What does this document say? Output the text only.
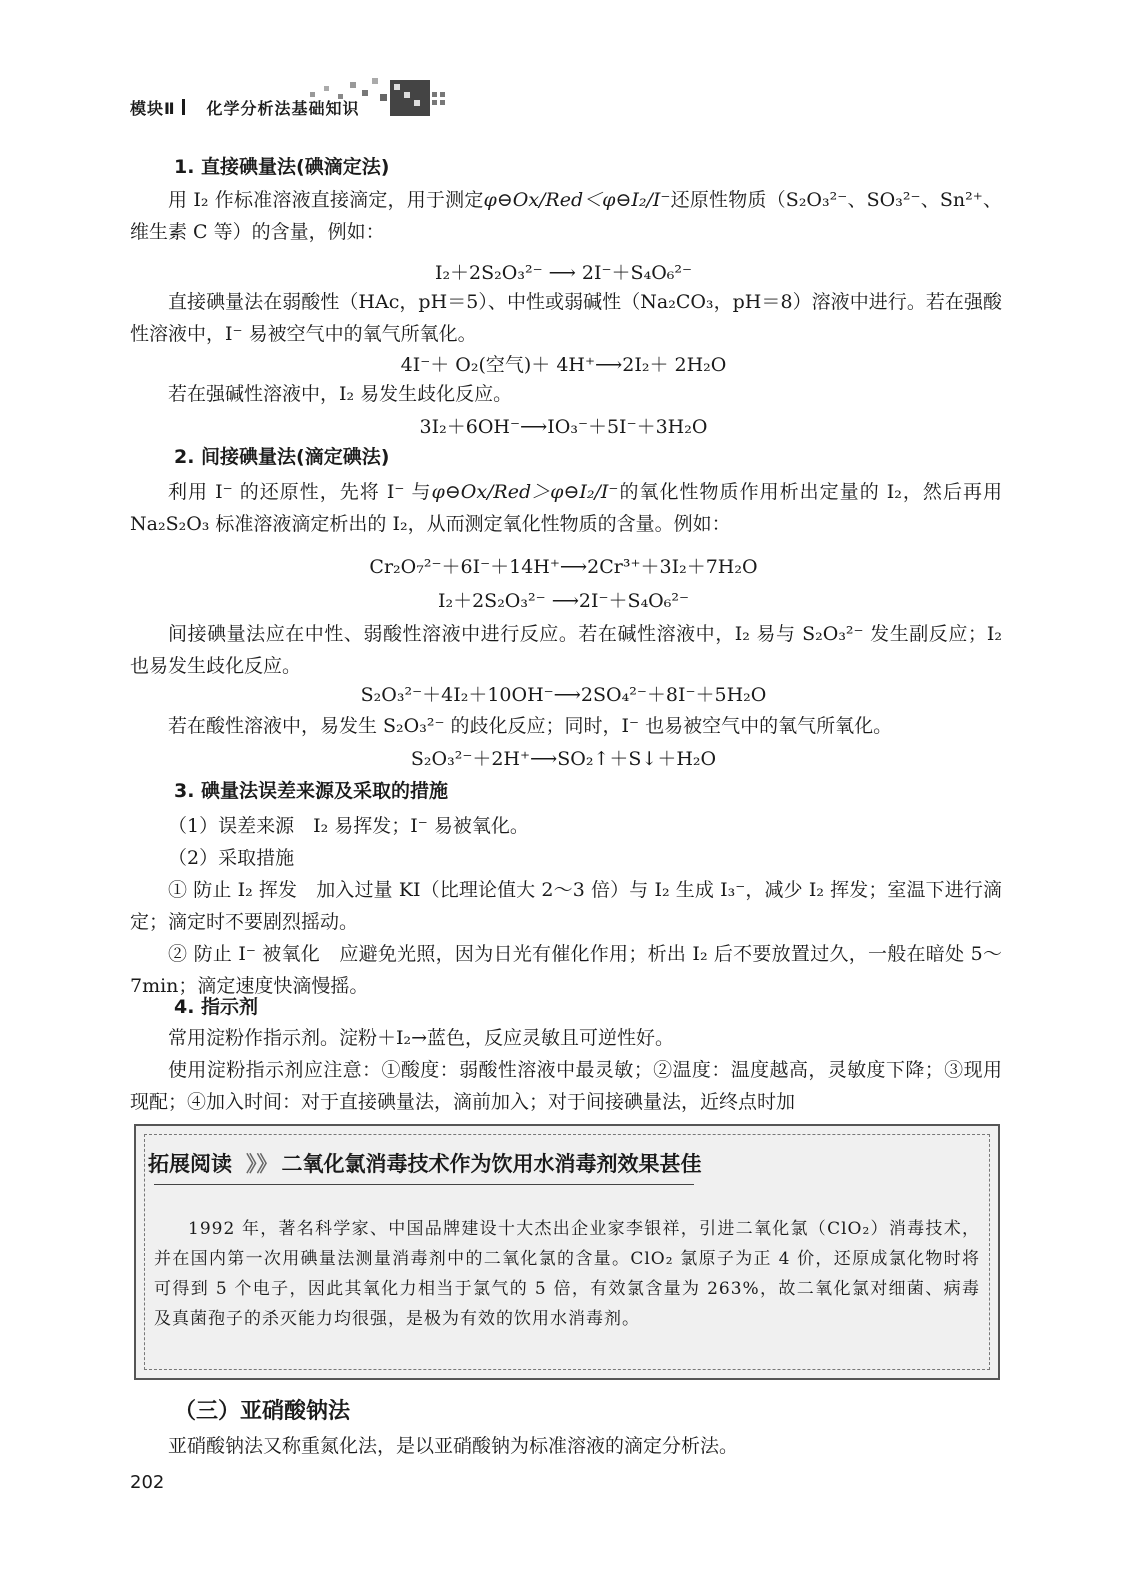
模块Ⅱ 化学分析法基础知识
1. 直接碘量法(碘滴定法)

用 I₂ 作标准溶液直接滴定，用于测定φ⊖Ox/Red＜φ⊖I₂/I⁻还原性物质（S₂O₃²⁻、SO₃²⁻、Sn²⁺、维生素 C 等）的含量，例如：

I₂＋2S₂O₃²⁻ ⟶ 2I⁻＋S₄O₆²⁻

直接碘量法在弱酸性（HAc，pH＝5）、中性或弱碱性（Na₂CO₃，pH＝8）溶液中进行。若在强酸性溶液中，I⁻ 易被空气中的氧气所氧化。

4I⁻＋ O₂(空气)＋ 4H⁺⟶2I₂＋ 2H₂O

若在强碱性溶液中，I₂ 易发生歧化反应。

3I₂＋6OH⁻⟶IO₃⁻＋5I⁻＋3H₂O
2. 间接碘量法(滴定碘法)

利用 I⁻ 的还原性，先将 I⁻ 与φ⊖Ox/Red＞φ⊖I₂/I⁻的氧化性物质作用析出定量的 I₂，然后再用 Na₂S₂O₃ 标准溶液滴定析出的 I₂，从而测定氧化性物质的含量。例如：

Cr₂O₇²⁻＋6I⁻＋14H⁺⟶2Cr³⁺＋3I₂＋7H₂O
I₂＋2S₂O₃²⁻ ⟶2I⁻＋S₄O₆²⁻

间接碘量法应在中性、弱酸性溶液中进行反应。若在碱性溶液中，I₂ 易与 S₂O₃²⁻ 发生副反应；I₂ 也易发生歧化反应。

S₂O₃²⁻＋4I₂＋10OH⁻⟶2SO₄²⁻＋8I⁻＋5H₂O

若在酸性溶液中，易发生 S₂O₃²⁻ 的歧化反应；同时，I⁻ 也易被空气中的氧气所氧化。

S₂O₃²⁻＋2H⁺⟶SO₂↑＋S↓＋H₂O
3. 碘量法误差来源及采取的措施

（1）误差来源　I₂ 易挥发；I⁻ 易被氧化。

（2）采取措施

① 防止 I₂ 挥发　加入过量 KI（比理论值大 2～3 倍）与 I₂ 生成 I₃⁻，减少 I₂ 挥发；室温下进行滴定；滴定时不要剧烈摇动。

② 防止 I⁻ 被氧化　应避免光照，因为日光有催化作用；析出 I₂ 后不要放置过久，一般在暗处 5～7min；滴定速度快滴慢摇。

4. 指示剂

常用淀粉作指示剂。淀粉＋I₂→蓝色，反应灵敏且可逆性好。

使用淀粉指示剂应注意：①酸度：弱酸性溶液中最灵敏；②温度：温度越高，灵敏度下降；③现用现配；④加入时间：对于直接碘量法，滴前加入；对于间接碘量法，近终点时加

拓展阅读 》》 二氧化氯消毒技术作为饮用水消毒剂效果甚佳

1992 年，著名科学家、中国品牌建设十大杰出企业家李银祥，引进二氧化氯（ClO₂）消毒技术，并在国内第一次用碘量法测量消毒剂中的二氧化氯的含量。ClO₂ 氯原子为正 4 价，还原成氯化物时将可得到 5 个电子，因此其氧化力相当于氯气的 5 倍，有效氯含量为 263%，故二氧化氯对细菌、病毒及真菌孢子的杀灭能力均很强，是极为有效的饮用水消毒剂。

（三）亚硝酸钠法

亚硝酸钠法又称重氮化法，是以亚硝酸钠为标准溶液的滴定分析法。

202
